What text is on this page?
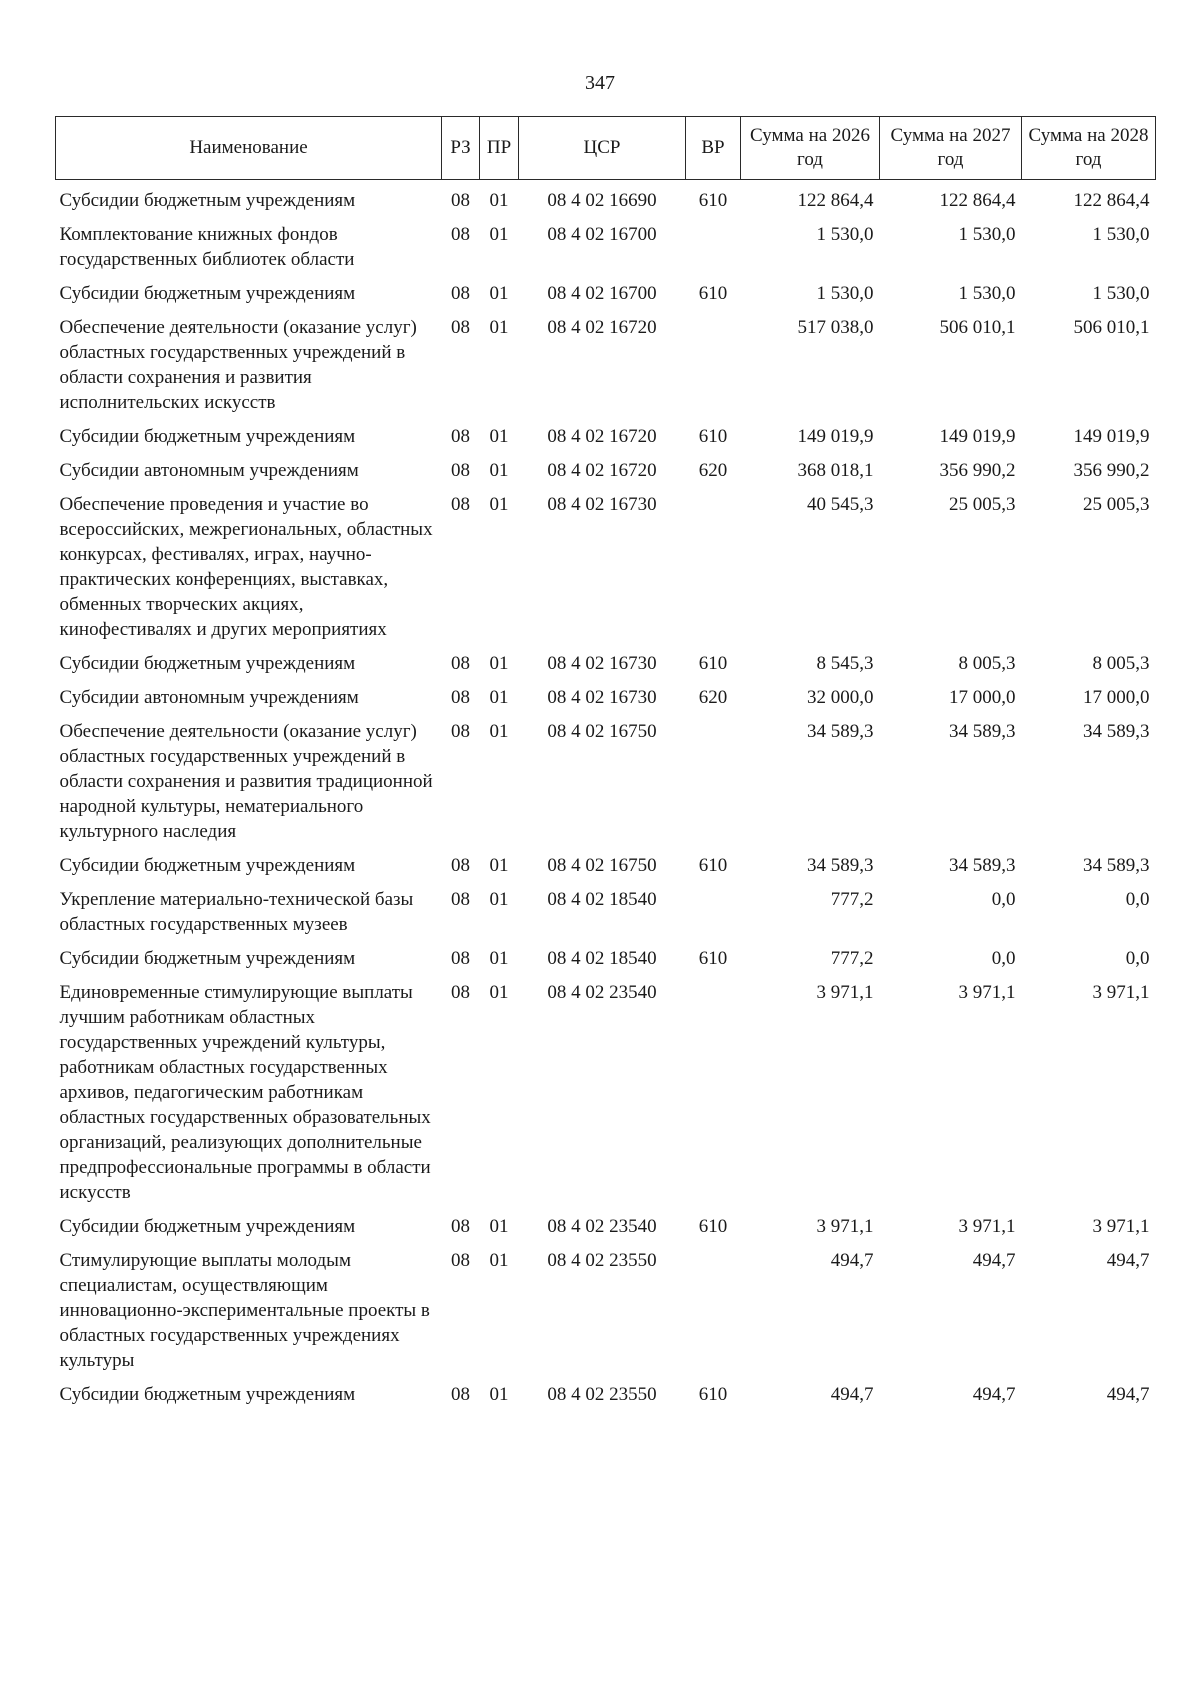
347
Наименование	РЗ	ПР	ЦСР	ВР	Сумма на 2026 год	Сумма на 2027 год	Сумма на 2028 год
Субсидии бюджетным учреждениям	08	01	08 4 02 16690	610	122 864,4	122 864,4	122 864,4
Комплектование книжных фондов государственных библиотек области	08	01	08 4 02 16700		1 530,0	1 530,0	1 530,0
Субсидии бюджетным учреждениям	08	01	08 4 02 16700	610	1 530,0	1 530,0	1 530,0
Обеспечение деятельности (оказание услуг) областных государственных учреждений в области сохранения и развития исполнительских искусств	08	01	08 4 02 16720		517 038,0	506 010,1	506 010,1
Субсидии бюджетным учреждениям	08	01	08 4 02 16720	610	149 019,9	149 019,9	149 019,9
Субсидии автономным учреждениям	08	01	08 4 02 16720	620	368 018,1	356 990,2	356 990,2
Обеспечение проведения и участие во всероссийских, межрегиональных, областных конкурсах, фестивалях, играх, научно-практических конференциях, выставках, обменных творческих акциях, кинофестивалях и других мероприятиях	08	01	08 4 02 16730		40 545,3	25 005,3	25 005,3
Субсидии бюджетным учреждениям	08	01	08 4 02 16730	610	8 545,3	8 005,3	8 005,3
Субсидии автономным учреждениям	08	01	08 4 02 16730	620	32 000,0	17 000,0	17 000,0
Обеспечение деятельности (оказание услуг) областных государственных учреждений в области сохранения и развития традиционной народной культуры, нематериального культурного наследия	08	01	08 4 02 16750		34 589,3	34 589,3	34 589,3
Субсидии бюджетным учреждениям	08	01	08 4 02 16750	610	34 589,3	34 589,3	34 589,3
Укрепление материально-технической базы областных государственных музеев	08	01	08 4 02 18540		777,2	0,0	0,0
Субсидии бюджетным учреждениям	08	01	08 4 02 18540	610	777,2	0,0	0,0
Единовременные стимулирующие выплаты лучшим работникам областных государственных учреждений культуры, работникам областных государственных архивов, педагогическим работникам областных государственных образовательных организаций, реализующих дополнительные предпрофессиональные программы в области искусств	08	01	08 4 02 23540		3 971,1	3 971,1	3 971,1
Субсидии бюджетным учреждениям	08	01	08 4 02 23540	610	3 971,1	3 971,1	3 971,1
Стимулирующие выплаты молодым специалистам, осуществляющим инновационно-экспериментальные проекты в областных государственных учреждениях культуры	08	01	08 4 02 23550		494,7	494,7	494,7
Субсидии бюджетным учреждениям	08	01	08 4 02 23550	610	494,7	494,7	494,7
